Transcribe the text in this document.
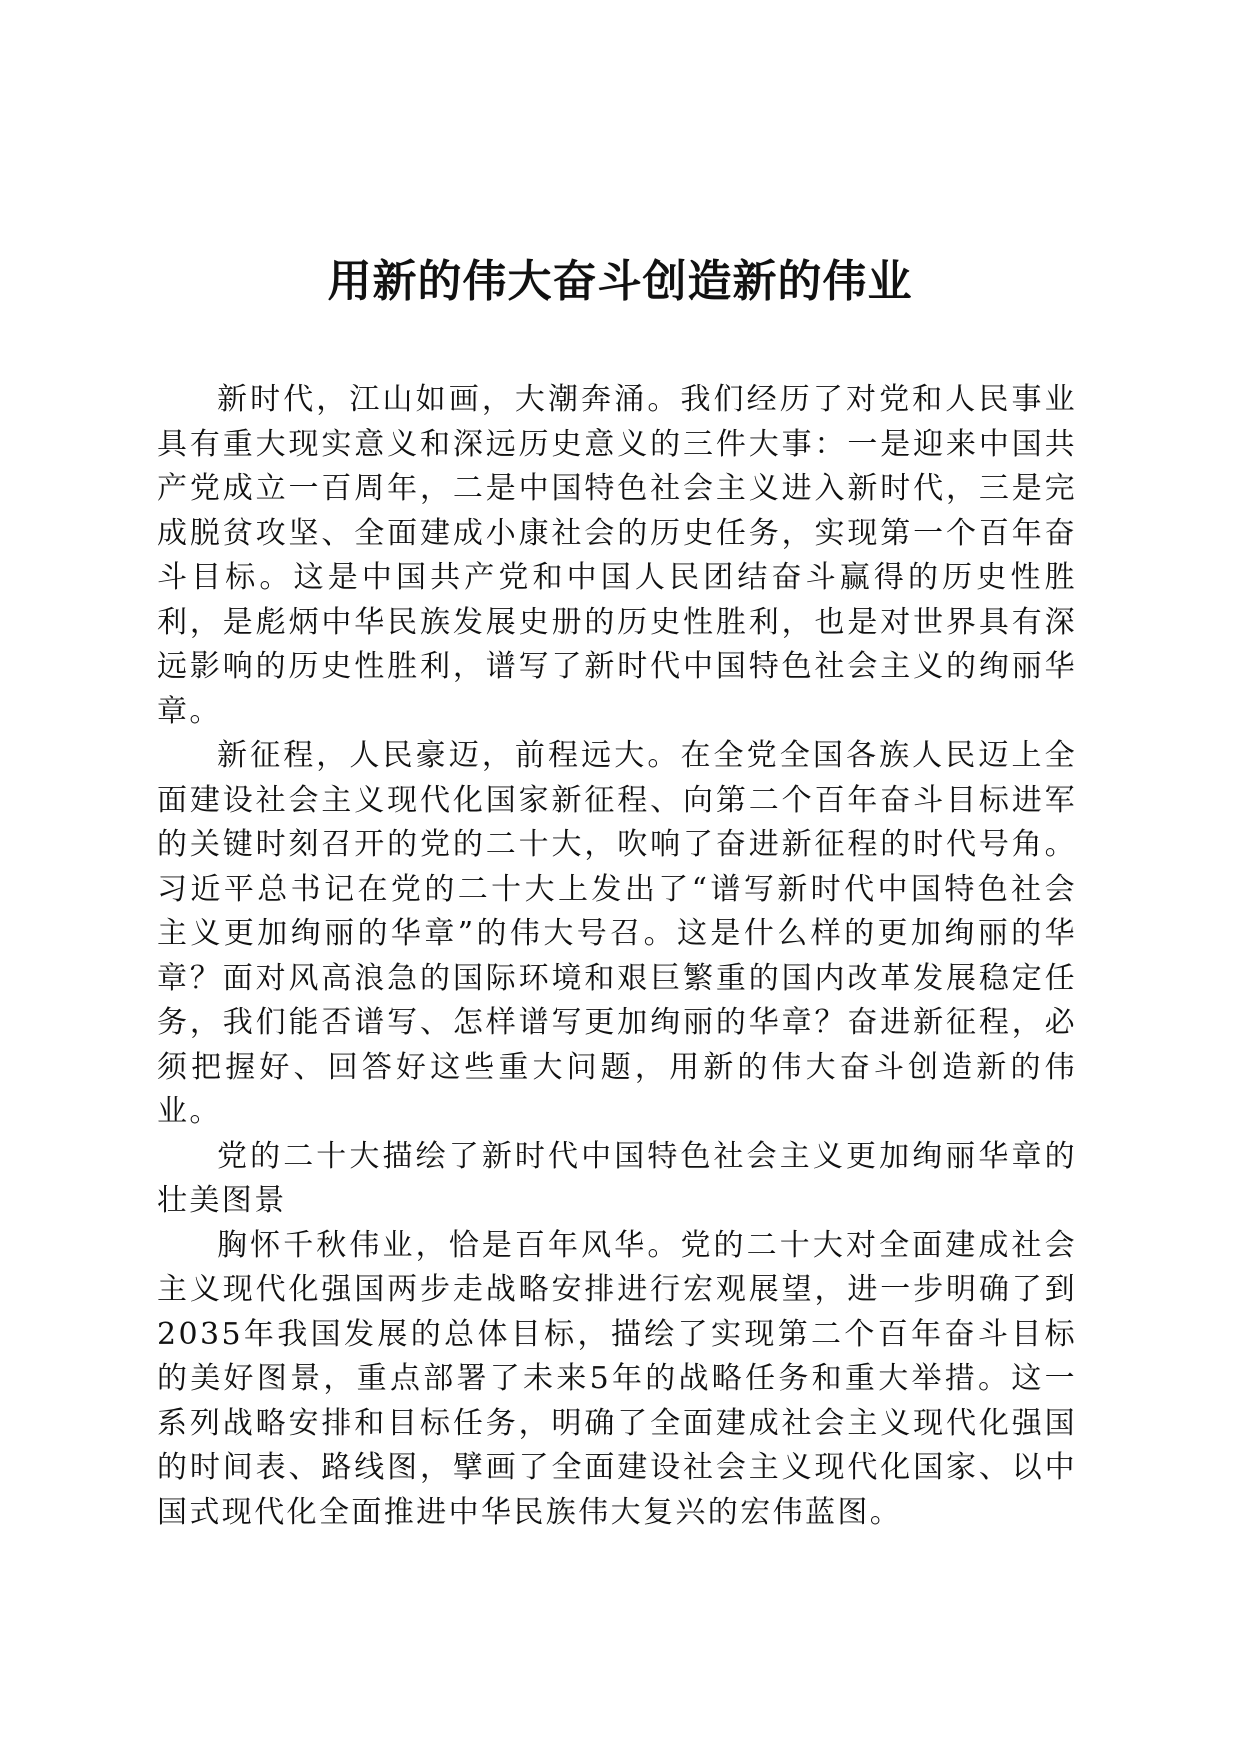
用新的伟大奋斗创造新的伟业

新时代，江山如画，大潮奔涌。我们经历了对党和人民事业具有重大现实意义和深远历史意义的三件大事：一是迎来中国共产党成立一百周年，二是中国特色社会主义进入新时代，三是完成脱贫攻坚、全面建成小康社会的历史任务，实现第一个百年奋斗目标。这是中国共产党和中国人民团结奋斗赢得的历史性胜利，是彪炳中华民族发展史册的历史性胜利，也是对世界具有深远影响的历史性胜利，谱写了新时代中国特色社会主义的绚丽华章。

新征程，人民豪迈，前程远大。在全党全国各族人民迈上全面建设社会主义现代化国家新征程、向第二个百年奋斗目标进军的关键时刻召开的党的二十大，吹响了奋进新征程的时代号角。习近平总书记在党的二十大上发出了“谱写新时代中国特色社会主义更加绚丽的华章”的伟大号召。这是什么样的更加绚丽的华章？面对风高浪急的国际环境和艰巨繁重的国内改革发展稳定任务，我们能否谱写、怎样谱写更加绚丽的华章？奋进新征程，必须把握好、回答好这些重大问题，用新的伟大奋斗创造新的伟业。

党的二十大描绘了新时代中国特色社会主义更加绚丽华章的壮美图景

胸怀千秋伟业，恰是百年风华。党的二十大对全面建成社会主义现代化强国两步走战略安排进行宏观展望，进一步明确了到2035年我国发展的总体目标，描绘了实现第二个百年奋斗目标的美好图景，重点部署了未来5年的战略任务和重大举措。这一系列战略安排和目标任务，明确了全面建成社会主义现代化强国的时间表、路线图，擘画了全面建设社会主义现代化国家、以中国式现代化全面推进中华民族伟大复兴的宏伟蓝图。
